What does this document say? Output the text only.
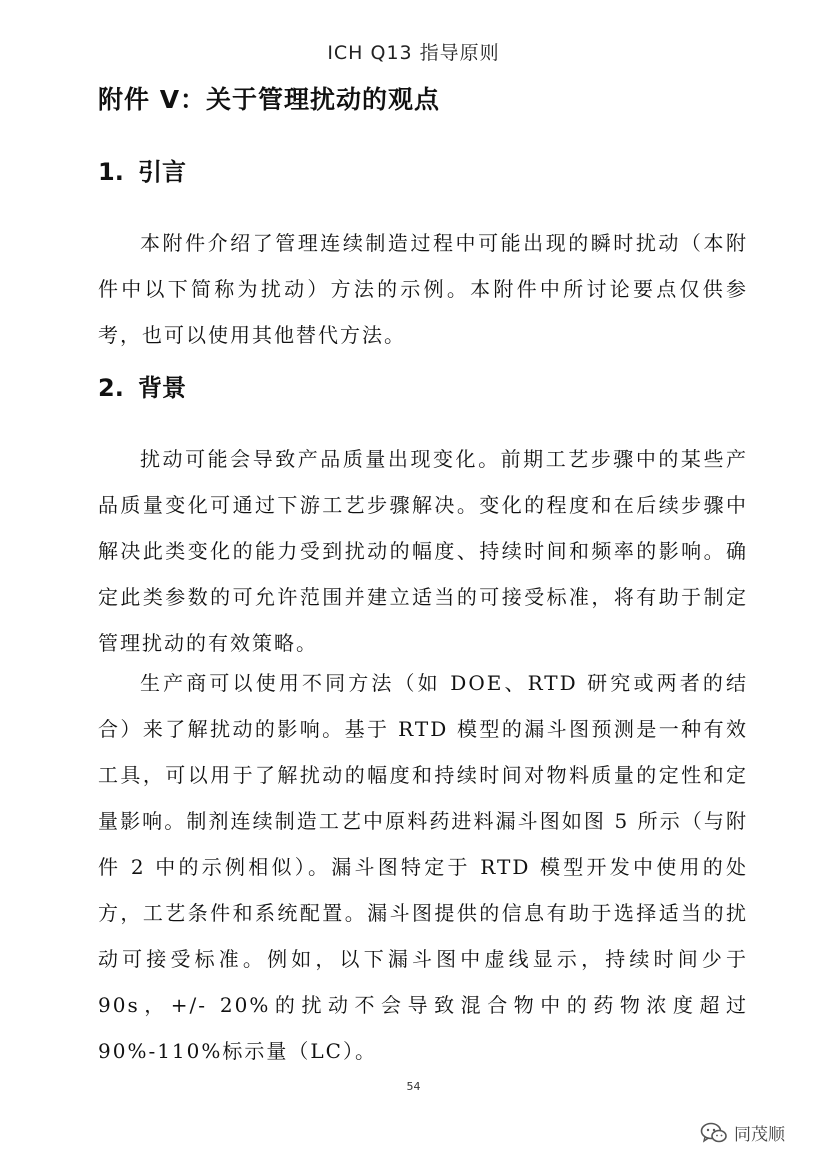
ICH Q13 指导原则
附件 V：关于管理扰动的观点
1. 引言

本附件介绍了管理连续制造过程中可能出现的瞬时扰动（本附件中以下简称为扰动）方法的示例。本附件中所讨论要点仅供参考，也可以使用其他替代方法。

2. 背景

扰动可能会导致产品质量出现变化。前期工艺步骤中的某些产品质量变化可通过下游工艺步骤解决。变化的程度和在后续步骤中解决此类变化的能力受到扰动的幅度、持续时间和频率的影响。确定此类参数的可允许范围并建立适当的可接受标准，将有助于制定管理扰动的有效策略。

生产商可以使用不同方法（如 DOE、RTD 研究或两者的结合）来了解扰动的影响。基于 RTD 模型的漏斗图预测是一种有效工具，可以用于了解扰动的幅度和持续时间对物料质量的定性和定量影响。制剂连续制造工艺中原料药进料漏斗图如图 5 所示（与附件 2 中的示例相似）。漏斗图特定于 RTD 模型开发中使用的处方，工艺条件和系统配置。漏斗图提供的信息有助于选择适当的扰动可接受标准。例如，以下漏斗图中虚线显示，持续时间少于 90s，+/- 20%的扰动不会导致混合物中的药物浓度超过 90%-110%标示量（LC）。

54
同茂顺
